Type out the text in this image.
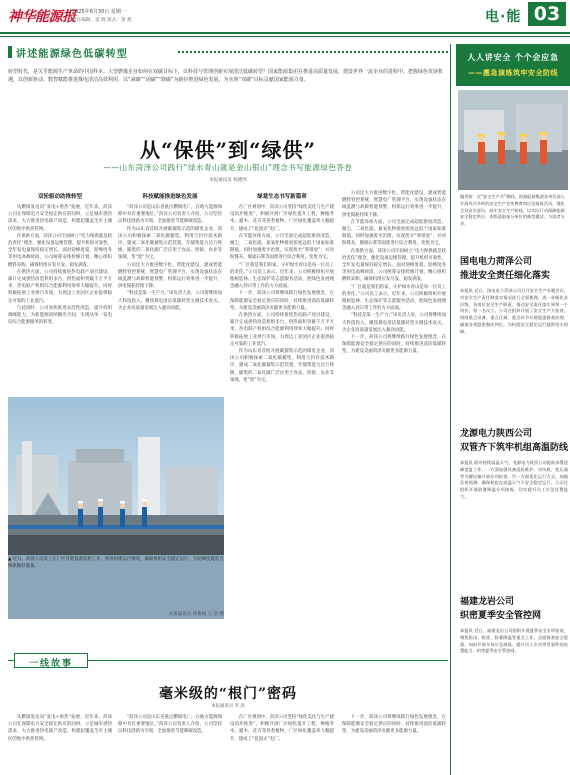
神华能源报
2025年6月30日 星期一
责任编辑：窦 晓 版式：窦 燕	电·能 03
讲述能源绿色低碳转型
转型时代，是关乎能源生产革命的中国样本。大型燃煤企业如何在双碳目标下，以科技与管理创新实现清洁低碳转型？国家能源集团在推进高质量发展、建设世界一流企业的进程中，把握绿色发展机遇，以创新驱动、数智赋能推进煤电清洁高效利用，以“减碳”“固碳”“降碳”为路径推进绿色发展，为实现“双碳”目标贡献国家能源力量。
从“保供”到“绿供”
——山东菏泽公司践行“绿水青山就是金山银山”理念书写能源绿色答卷
本报通讯员 杨德西
双轮驱动助推转型

从燃煤发电向“发电+供热”拓展，近年来，菏泽公司在保障电力安全稳定供应的同时，立足城市供热需求，大力推进热电联产改造，构建起覆盖全市主城区的集中供热管网。

在保供方面，菏泽公司牢固树立“电力保供就是政治责任”理念，强化设备运维管理，提升机组可靠性，全年发电量保持稳定增长。面对迎峰度夏、迎峰度冬等用电高峰时段，公司统筹安排检修计划，精心组织燃料采购，确保机组应发尽发、稳发满发。

在供热方面，公司持续推进热电联产项目建设，累计完成供热改造机组多台，供热面积突破千万平方米，热电联产机组综合能源利用效率大幅提升。同时积极拓展工业供汽市场，为周边工业园区企业提供稳定可靠的工业蒸汽。

与此同时，公司加快推进灵活性改造，提升机组调峰能力，为新能源消纳腾出空间，实现从单一发电向综合能源服务的转变。

科技赋能推进绿色发展

“菏泽公司是山东省重点燃煤电厂，在地方能源保障中具有重要地位。”菏泽公司负责人介绍，公司坚持以科技创新为引领，全面推进节能降碳改造。

作为山东省首批开展碳捕集示范的煤电企业，菏泽公司积极探索二氧化碳捕集、利用与封存技术路径，建成二氧化碳捕集示范装置，年捕集能力达万吨级，捕集的二氧化碳广泛应用于食品、焊接、农业等领域，变“废”为宝。

公司还大力推进数字化、智能化建设，建成智能燃料管控系统、智慧电厂管理平台，实现设备状态在线监测与故障智能预警，机组运行效率进一步提升，供电煤耗持续下降。

“科技是第一生产力。”该负责人说，公司将继续加大科技投入，聚焦煤电清洁低碳转型关键技术攻关，为企业高质量发展注入强劲动能。

绿意生态书写新篇章

在厂区规划中，菏泽公司坚持“绿化美化与生产建设同步推进”，积极开展厂区绿化提升工程，种植乔木、灌木、花卉等各类植物，厂区绿化覆盖率大幅提升，建成了“花园式”电厂。

在节能环保方面，公司全面完成超低排放改造，烟尘、二氧化硫、氮氧化物排放浓度远低于国家标准限值。同时加强废水治理，实现废水“零排放”，并对粉煤灰、脱硫石膏等固废进行综合利用，变废为宝。

“厂区就是我们的家，守护绿水青山是每一位员工的责任。”公司员工表示。近年来，公司积极组织开展植树造林、生态保护等志愿服务活动，把绿色发展理念融入到日常工作的方方面面。

下一步，菏泽公司将继续践行绿色发展理念，在保障能源安全稳定供应的同时，持续推进清洁低碳转型，为建设美丽菏泽贡献更多能源力量。

在供热方面，公司持续推进热电联产项目建设，累计完成供热改造机组多台，供热面积突破千万平方米，热电联产机组综合能源利用效率大幅提升。同时积极拓展工业供汽市场，为周边工业园区企业提供稳定可靠的工业蒸汽。

作为山东省首批开展碳捕集示范的煤电企业，菏泽公司积极探索二氧化碳捕集、利用与封存技术路径，建成二氧化碳捕集示范装置，年捕集能力达万吨级，捕集的二氧化碳广泛应用于食品、焊接、农业等领域，变“废”为宝。

公司还大力推进数字化、智能化建设，建成智能燃料管控系统、智慧电厂管理平台，实现设备状态在线监测与故障智能预警，机组运行效率进一步提升，供电煤耗持续下降。

在节能环保方面，公司全面完成超低排放改造，烟尘、二氧化硫、氮氧化物排放浓度远低于国家标准限值。同时加强废水治理，实现废水“零排放”，并对粉煤灰、脱硫石膏等固废进行综合利用，变废为宝。

在保供方面，菏泽公司牢固树立“电力保供就是政治责任”理念，强化设备运维管理，提升机组可靠性，全年发电量保持稳定增长。面对迎峰度夏、迎峰度冬等用电高峰时段，公司统筹安排检修计划，精心组织燃料采购，确保机组应发尽发、稳发满发。

“厂区就是我们的家，守护绿水青山是每一位员工的责任。”公司员工表示。近年来，公司积极组织开展植树造林、生态保护等志愿服务活动，把绿色发展理念融入到日常工作的方方面面。

“科技是第一生产力。”该负责人说，公司将继续加大科技投入，聚焦煤电清洁低碳转型关键技术攻关，为企业高质量发展注入强劲动能。

下一步，菏泽公司将继续践行绿色发展理念，在保障能源安全稳定供应的同时，持续推进清洁低碳转型，为建设美丽菏泽贡献更多能源力量。

▲ 近日，菏泽公司员工在厂区开展设备巡检工作，检查机组运行情况，确保机组安全稳定运行，为迎峰度夏电力保供做好准备。
本报通讯员 韩雅娟 王 浩 摄
一线故事
毫米级的“根门”密码
本报通讯员 李 涛

从燃煤发电向“发电+供热”拓展，近年来，菏泽公司在保障电力安全稳定供应的同时，立足城市供热需求，大力推进热电联产改造，构建起覆盖全市主城区的集中供热管网。

“菏泽公司是山东省重点燃煤电厂，在地方能源保障中具有重要地位。”菏泽公司负责人介绍，公司坚持以科技创新为引领，全面推进节能降碳改造。

在厂区规划中，菏泽公司坚持“绿化美化与生产建设同步推进”，积极开展厂区绿化提升工程，种植乔木、灌木、花卉等各类植物，厂区绿化覆盖率大幅提升，建成了“花园式”电厂。

下一步，菏泽公司将继续践行绿色发展理念，在保障能源安全稳定供应的同时，持续推进清洁低碳转型，为建设美丽菏泽贡献更多能源力量。

人人讲安全 个个会应急
——應急演练筑牢安全防线
编者按：在“安全生产月”期间，国家能源集团各单位深入开展形式多样的安全生产宣传教育和应急演练活动，强化全员安全意识，筑牢安全生产防线，以实际行动保障能源安全稳定供应。本版选取部分单位的典型做法，与读者分享。
国电电力菏泽公司
推进安全责任细化落实
本报讯 近日，国电电力菏泽公司召开安全生产专题会议，对安全生产责任制落实情况进行全面梳理，进一步细化各层级、各岗位安全生产职责，推动安全责任落实到每一个岗位、每一名员工。公司还组织开展了安全生产大检查，围绕重点设备、重点区域、重点环节开展隐患排查治理，确保各类隐患整改到位，为机组安全稳定运行提供坚实保障。
龙源电力陕西公司
双管齐下筑牢机组高温防线
本报讯 面对持续高温天气，龙源电力陕西公司提前部署迎峰度夏工作，一方面加强设备巡检维护，对风机、变压器等关键设备开展专项检查，另一方面优化运行方式，加强负荷预测，确保机组在高温天气下安全稳定运行。公司还组织开展防暑降温专项演练，切实提升员工应急处置能力。
福建龙岩公司
织密夏季安全管控网
本报讯 近日，福建龙岩公司组织开展夏季安全专项检查，聚焦防汛、防雷、防暑降温等重点工作，全面排查安全隐患。同时开展多场应急演练，提升员工应对突发事件的处置能力，织密夏季安全管控网。
